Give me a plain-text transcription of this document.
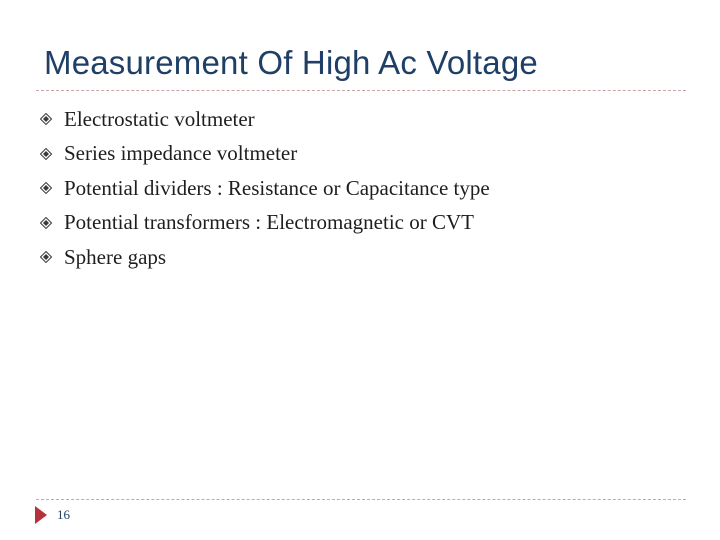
Measurement Of High Ac Voltage
Electrostatic voltmeter
Series impedance voltmeter
Potential dividers : Resistance or Capacitance type
Potential transformers : Electromagnetic or CVT
Sphere gaps
16
